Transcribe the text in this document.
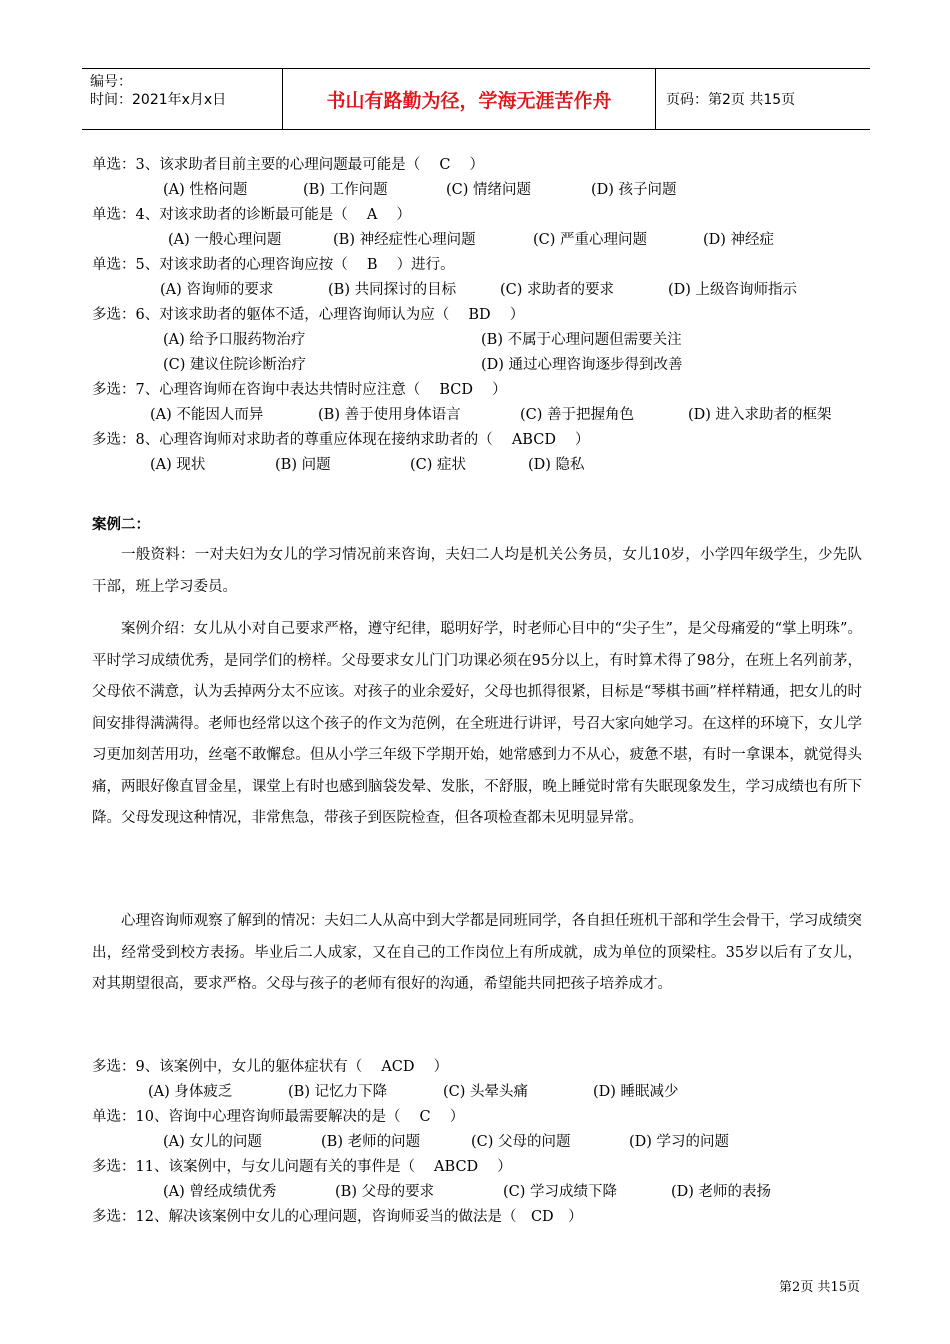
编号：
时间：2021年x月x日	书山有路勤为径，学海无涯苦作舟	页码：第2页 共15页
单选：3、该求助者目前主要的心理问题最可能是（　 C　 ）
(A) 性格问题	(B) 工作问题	(C) 情绪问题	(D) 孩子问题
单选：4、对该求助者的诊断最可能是（　 A　 ）
(A) 一般心理问题	(B) 神经症性心理问题	(C) 严重心理问题	(D) 神经症
单选：5、对该求助者的心理咨询应按（　 B　 ）进行。
(A) 咨询师的要求	(B) 共同探讨的目标	(C) 求助者的要求	(D) 上级咨询师指示
多选：6、对该求助者的躯体不适，心理咨询师认为应（　 BD　 ）
(A) 给予口服药物治疗	(B) 不属于心理问题但需要关注
(C) 建议住院诊断治疗	(D) 通过心理咨询逐步得到改善
多选：7、心理咨询师在咨询中表达共情时应注意（　 BCD　 ）
(A) 不能因人而异	(B) 善于使用身体语言	(C) 善于把握角色	(D) 进入求助者的框架
多选：8、心理咨询师对求助者的尊重应体现在接纳求助者的（　 ABCD　 ）
(A) 现状	(B) 问题	(C) 症状	(D) 隐私
案例二：
一般资料：一对夫妇为女儿的学习情况前来咨询，夫妇二人均是机关公务员，女儿10岁，小学四年级学生，少先队干部，班上学习委员。
案例介绍：女儿从小对自己要求严格，遵守纪律，聪明好学，时老师心目中的“尖子生”，是父母痛爱的“掌上明珠”。平时学习成绩优秀，是同学们的榜样。父母要求女儿门门功课必须在95分以上，有时算术得了98分，在班上名列前茅，父母依不满意，认为丢掉两分太不应该。对孩子的业余爱好，父母也抓得很紧，目标是“琴棋书画”样样精通，把女儿的时间安排得满满得。老师也经常以这个孩子的作文为范例，在全班进行讲评，号召大家向她学习。在这样的环境下，女儿学习更加刻苦用功，丝毫不敢懈怠。但从小学三年级下学期开始，她常感到力不从心，疲惫不堪，有时一拿课本，就觉得头痛，两眼好像直冒金星，课堂上有时也感到脑袋发晕、发胀，不舒服，晚上睡觉时常有失眠现象发生，学习成绩也有所下降。父母发现这种情况，非常焦急，带孩子到医院检查，但各项检查都未见明显异常。
心理咨询师观察了解到的情况：夫妇二人从高中到大学都是同班同学，各自担任班机干部和学生会骨干，学习成绩突出，经常受到校方表扬。毕业后二人成家，又在自己的工作岗位上有所成就，成为单位的顶梁柱。35岁以后有了女儿，对其期望很高，要求严格。父母与孩子的老师有很好的沟通，希望能共同把孩子培养成才。
多选：9、该案例中，女儿的躯体症状有（　 ACD　 ）
(A) 身体疲乏	(B) 记忆力下降	(C) 头晕头痛	(D) 睡眠减少
单选：10、咨询中心理咨询师最需要解决的是（　 C　 ）
(A) 女儿的问题	(B) 老师的问题	(C) 父母的问题	(D) 学习的问题
多选：11、该案例中，与女儿问题有关的事件是（　 ABCD　 ）
(A) 曾经成绩优秀	(B) 父母的要求	(C) 学习成绩下降	(D) 老师的表扬
多选：12、解决该案例中女儿的心理问题，咨询师妥当的做法是（　CD　）
第2页 共15页
